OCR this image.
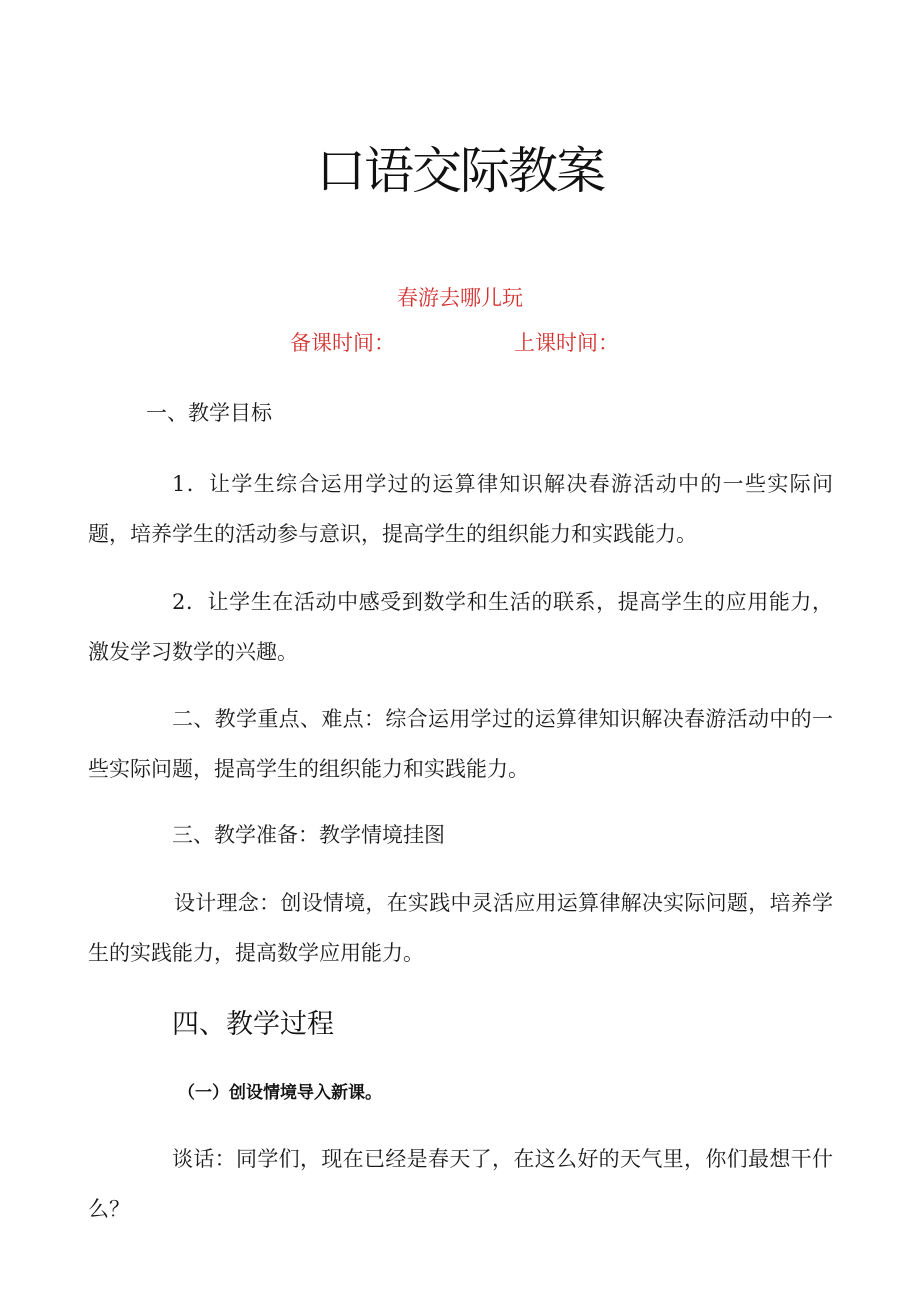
口语交际教案
春游去哪儿玩
备课时间：	上课时间：
一、教学目标
1．让学生综合运用学过的运算律知识解决春游活动中的一些实际问题，培养学生的活动参与意识，提高学生的组织能力和实践能力。
2．让学生在活动中感受到数学和生活的联系，提高学生的应用能力，激发学习数学的兴趣。
二、教学重点、难点：综合运用学过的运算律知识解决春游活动中的一些实际问题，提高学生的组织能力和实践能力。
三、教学准备：教学情境挂图
设计理念：创设情境，在实践中灵活应用运算律解决实际问题，培养学生的实践能力，提高数学应用能力。
四、教学过程
（一）创设情境导入新课。
谈话：同学们，现在已经是春天了，在这么好的天气里，你们最想干什么？
